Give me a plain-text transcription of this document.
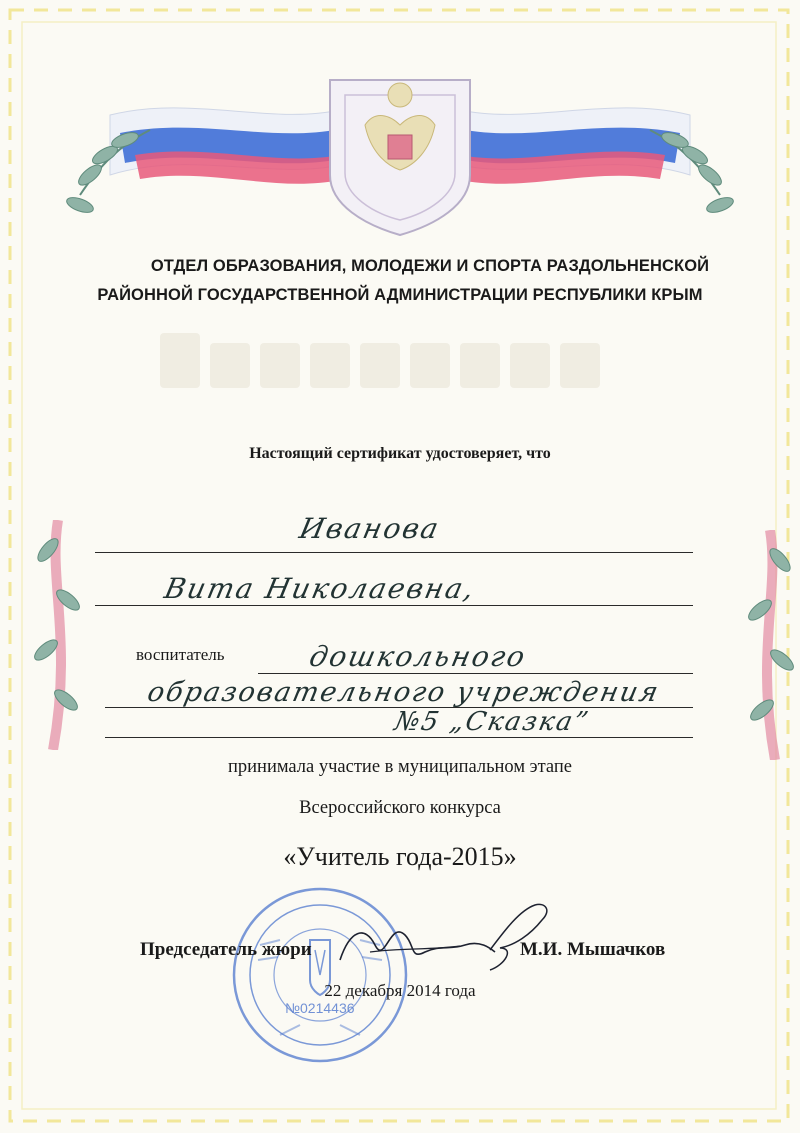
ОТДЕЛ ОБРАЗОВАНИЯ, МОЛОДЕЖИ И СПОРТА РАЗДОЛЬНЕНСКОЙ
РАЙОННОЙ ГОСУДАРСТВЕННОЙ АДМИНИСТРАЦИИ РЕСПУБЛИКИ КРЫМ
Настоящий сертификат удостоверяет, что
Иванова
Вита Николаевна,
воспитатель	дошкольного
образовательного учреждения
№5 „Сказка”
принимала участие в муниципальном этапе
Всероссийского конкурса
«Учитель года-2015»
№0214436
Председатель жюри	М.И. Мышачков
22 декабря 2014 года
